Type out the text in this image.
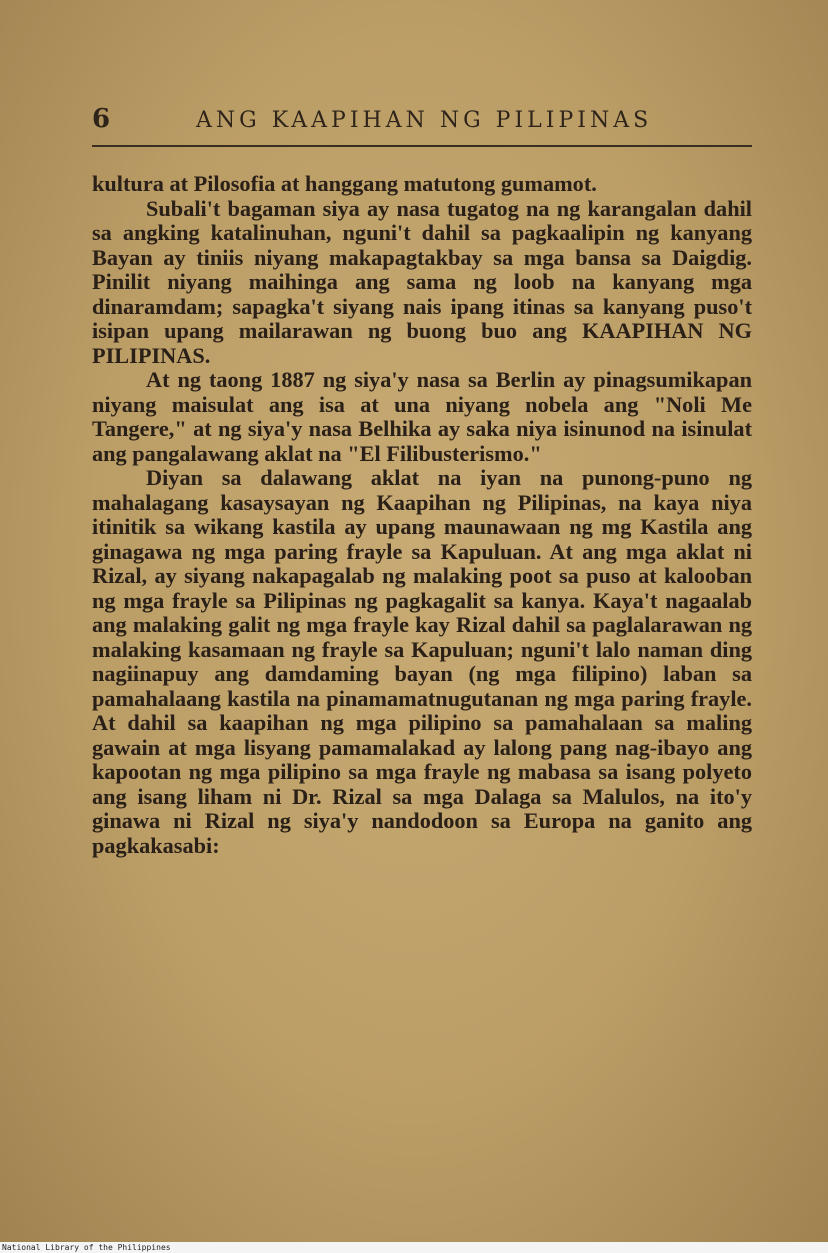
6	ANG KAAPIHAN NG PILIPINAS

kultura at Pilosofia at hanggang matutong gumamot.

Subali't bagaman siya ay nasa tugatog na ng karangalan dahil sa angking katalinuhan, nguni't dahil sa pagkaalipin ng kanyang Bayan ay tiniis niyang makapagtakbay sa mga bansa sa Daigdig. Pinilit niyang maihinga ang sama ng loob na kanyang mga dinaramdam; sapagka't siyang nais ipang itinas sa kanyang puso't isipan upang mailarawan ng buong buo ang KAAPIHAN NG PILIPINAS.

At ng taong 1887 ng siya'y nasa sa Berlin ay pinagsumikapan niyang maisulat ang isa at una niyang nobela ang "Noli Me Tangere," at ng siya'y nasa Belhika ay saka niya isinunod na isinulat ang pangalawang aklat na "El Filibusterismo."

Diyan sa dalawang aklat na iyan na punong-puno ng mahalagang kasaysayan ng Kaapihan ng Pilipinas, na kaya niya itinitik sa wikang kastila ay upang maunawaan ng mg Kastila ang ginagawa ng mga paring frayle sa Kapuluan. At ang mga aklat ni Rizal, ay siyang nakapagalab ng malaking poot sa puso at kalooban ng mga frayle sa Pilipinas ng pagkagalit sa kanya. Kaya't nagaalab ang malaking galit ng mga frayle kay Rizal dahil sa paglalarawan ng malaking kasamaan ng frayle sa Kapuluan; nguni't lalo naman ding nagiinapuy ang damdaming bayan (ng mga filipino) laban sa pamahalaang kastila na pinamamatnugutanan ng mga paring frayle. At dahil sa kaapihan ng mga pilipino sa pamahalaan sa maling gawain at mga lisyang pamamalakad ay lalong pang nag-ibayo ang kapootan ng mga pilipino sa mga frayle ng mabasa sa isang polyeto ang isang liham ni Dr. Rizal sa mga Dalaga sa Malulos, na ito'y ginawa ni Rizal ng siya'y nandodoon sa Europa na ganito ang pagkakasabi:

National Library of the Philippines
